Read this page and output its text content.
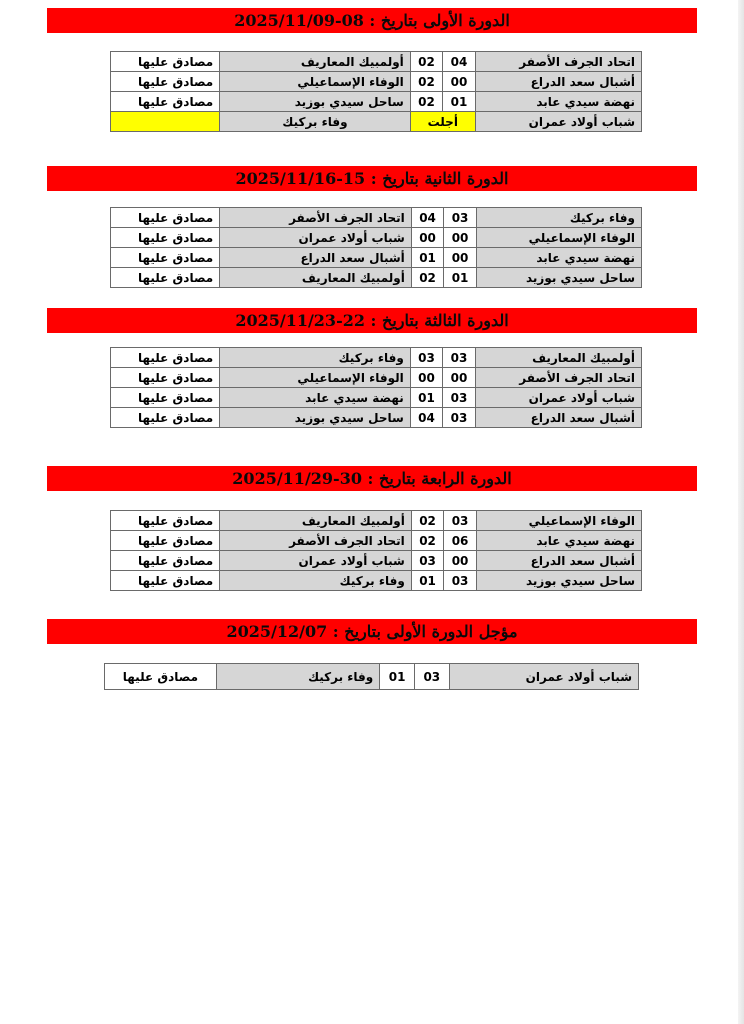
الدورة الأولى بتاريخ : 08-2025/11/09
مصادق عليها	أولمبيك المعاريف	02	04	اتحاد الجرف الأصفر
مصادق عليها	الوفاء الإسماعيلي	02	00	أشبال سعد الدراع
مصادق عليها	ساحل سيدي بوزيد	02	01	نهضة سيدي عابد
	وفاء بركيك	أجلت		شباب أولاد عمران
الدورة الثانية بتاريخ : 15-2025/11/16
مصادق عليها	اتحاد الجرف الأصفر	04	03	وفاء بركيك
مصادق عليها	شباب أولاد عمران	00	00	الوفاء الإسماعيلي
مصادق عليها	أشبال سعد الدراع	01	00	نهضة سيدي عابد
مصادق عليها	أولمبيك المعاريف	02	01	ساحل سيدي بوزيد
الدورة الثالثة بتاريخ : 22-2025/11/23
مصادق عليها	وفاء بركيك	03	03	أولمبيك المعاريف
مصادق عليها	الوفاء الإسماعيلي	00	00	اتحاد الجرف الأصفر
مصادق عليها	نهضة سيدي عابد	01	03	شباب أولاد عمران
مصادق عليها	ساحل سيدي بوزيد	04	03	أشبال سعد الدراع
الدورة الرابعة بتاريخ : 30-2025/11/29
مصادق عليها	أولمبيك المعاريف	02	03	الوفاء الإسماعيلي
مصادق عليها	اتحاد الجرف الأصفر	02	06	نهضة سيدي عابد
مصادق عليها	شباب أولاد عمران	03	00	أشبال سعد الدراع
مصادق عليها	وفاء بركيك	01	03	ساحل سيدي بوزيد
مؤجل الدورة الأولى بتاريخ : 2025/12/07
مصادق عليها	وفاء بركيك	01	03	شباب أولاد عمران
